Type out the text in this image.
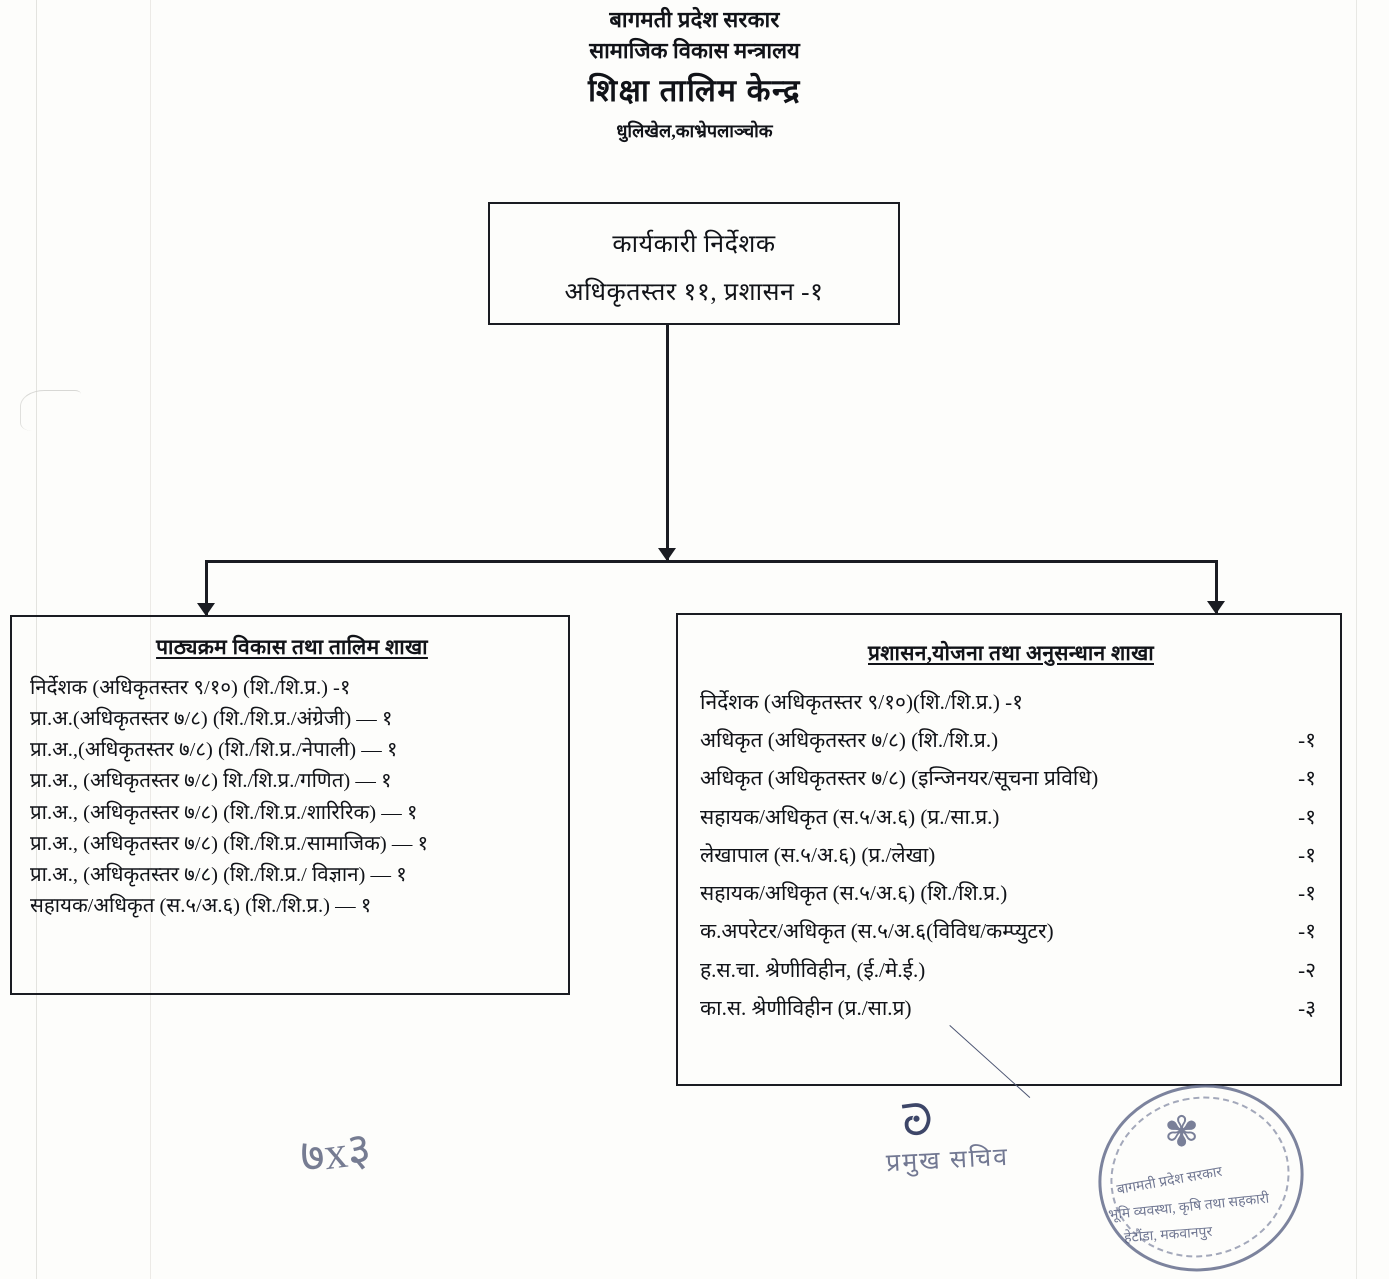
बागमती प्रदेश सरकार
सामाजिक विकास मन्त्रालय
शिक्षा तालिम केन्द्र
धुलिखेल,काभ्रेपलाञ्चोक
कार्यकारी निर्देशक
अधिकृतस्तर ११, प्रशासन -१
पाठ्यक्रम विकास तथा तालिम शाखा
निर्देशक (अधिकृतस्तर ९/१०) (शि./शि.प्र.) -१
प्रा.अ.(अधिकृतस्तर ७/८) (शि./शि.प्र./अंग्रेजी) — १
प्रा.अ.,(अधिकृतस्तर ७/८) (शि./शि.प्र./नेपाली) — १
प्रा.अ., (अधिकृतस्तर ७/८) शि./शि.प्र./गणित) — १
प्रा.अ., (अधिकृतस्तर ७/८) (शि./शि.प्र./शारिरिक) — १
प्रा.अ., (अधिकृतस्तर ७/८) (शि./शि.प्र./सामाजिक) — १
प्रा.अ., (अधिकृतस्तर ७/८) (शि./शि.प्र./ विज्ञान) — १
सहायक/अधिकृत (स.५/अ.६) (शि./शि.प्र.) — १
प्रशासन,योजना तथा अनुसन्धान शाखा
निर्देशक (अधिकृतस्तर ९/१०)(शि./शि.प्र.) -१
अधिकृत (अधिकृतस्तर ७/८) (शि./शि.प्र.)	-१
अधिकृत (अधिकृतस्तर ७/८) (इन्जिनयर/सूचना प्रविधि)	-१
सहायक/अधिकृत (स.५/अ.६) (प्र./सा.प्र.)	-१
लेखापाल (स.५/अ.६) (प्र./लेखा)	-१
सहायक/अधिकृत (स.५/अ.६) (शि./शि.प्र.)	-१
क.अपरेटर/अधिकृत (स.५/अ.६(विविध/कम्प्युटर)	-१
ह.स.चा. श्रेणीविहीन, (ई./मे.ई.)	-२
का.स. श्रेणीविहीन (प्र./सा.प्र)	-३
७x३
ᘒ
प्रमुख सचिव
✾
बागमती प्रदेश सरकार
भूमि व्यवस्था, कृषि तथा सहकारी
हेटौंडा, मकवानपुर
